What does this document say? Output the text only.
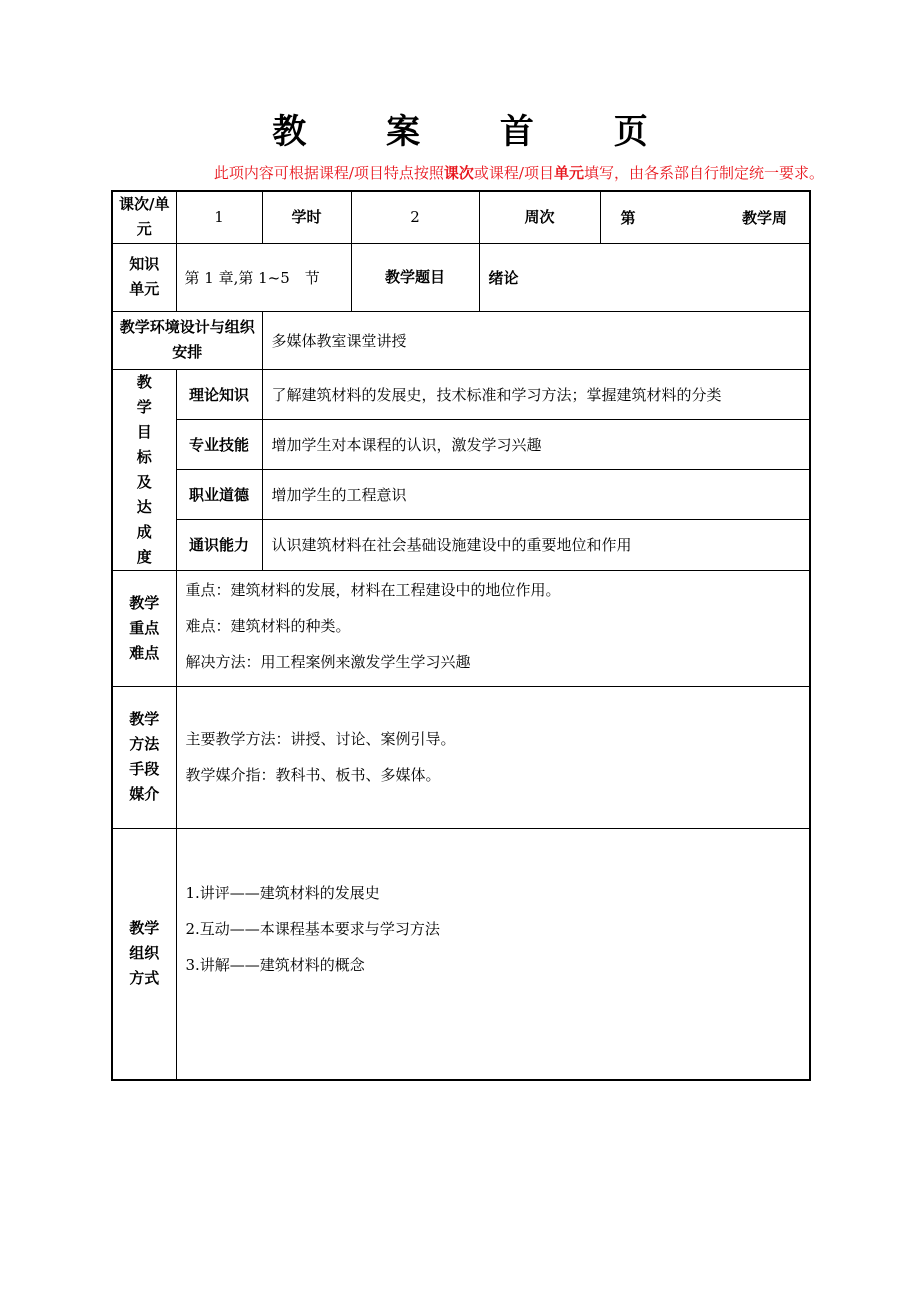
教 案 首 页
此项内容可根据课程/项目特点按照课次或课程/项目单元填写，由各系部自行制定统一要求。
课次/单元	1	学时	2	周次	第 教学周

知识单元	第 1 章,第 1~5　节		教学题目	绪论	
教学环境设计与组织安排		多媒体教室课堂讲授			
教学目标及达成度	理论知识	了解建筑材料的发展史，技术标准和学习方法；掌握建筑材料的分类			
	专业技能	增加学生对本课程的认识，激发学习兴趣			
	职业道德	增加学生的工程意识			
	通识能力	认识建筑材料在社会基础设施建设中的重要地位和作用			
教学重点难点	重点：建筑材料的发展，材料在工程建设中的地位作用。
难点：建筑材料的种类。
解决方法：用工程案例来激发学生学习兴趣				

教学方法手段媒介	主要教学方法：讲授、讨论、案例引导。
教学媒介指：教科书、板书、多媒体。				

教学组织方式	1.讲评——建筑材料的发展史
2.互动——本课程基本要求与学习方法
3.讲解——建筑材料的概念				
